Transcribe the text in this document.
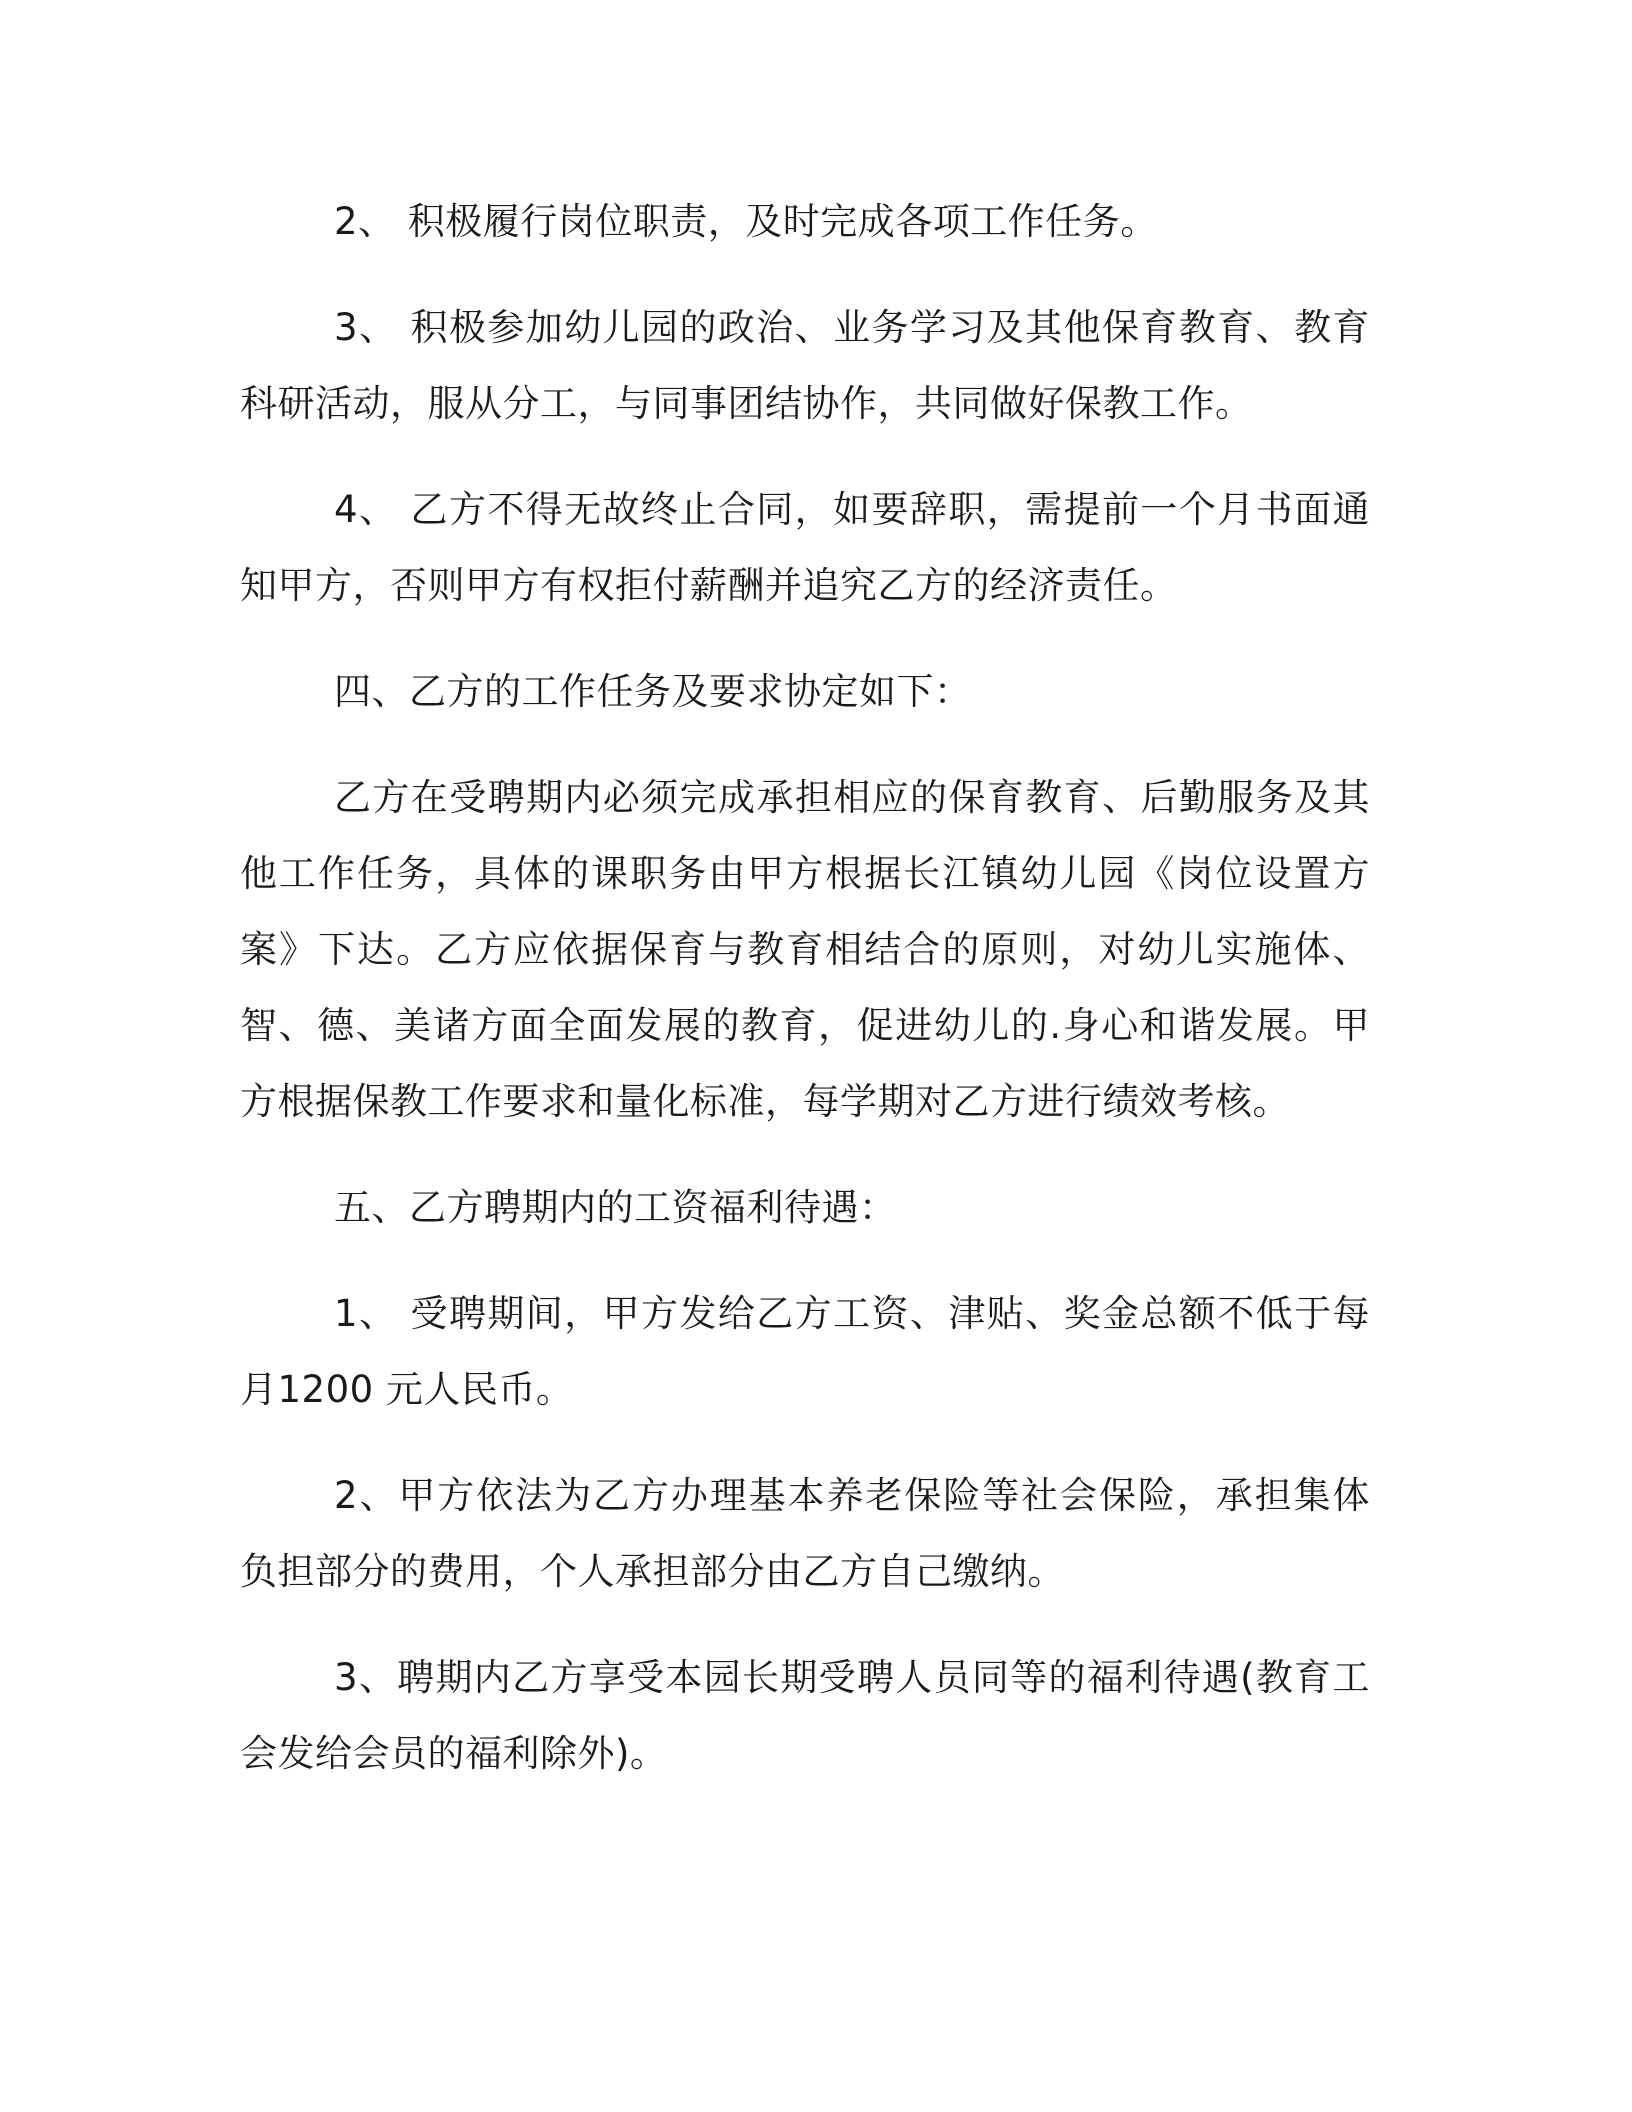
2、 积极履行岗位职责，及时完成各项工作任务。

3、 积极参加幼儿园的政治、业务学习及其他保育教育、教育科研活动，服从分工，与同事团结协作，共同做好保教工作。

4、 乙方不得无故终止合同，如要辞职，需提前一个月书面通知甲方，否则甲方有权拒付薪酬并追究乙方的经济责任。

四、乙方的工作任务及要求协定如下：

乙方在受聘期内必须完成承担相应的保育教育、后勤服务及其他工作任务，具体的课职务由甲方根据长江镇幼儿园《岗位设置方案》下达。乙方应依据保育与教育相结合的原则，对幼儿实施体、智、德、美诸方面全面发展的教育，促进幼儿的.身心和谐发展。甲方根据保教工作要求和量化标准，每学期对乙方进行绩效考核。

五、乙方聘期内的工资福利待遇：

1、 受聘期间，甲方发给乙方工资、津贴、奖金总额不低于每月1200 元人民币。

2、甲方依法为乙方办理基本养老保险等社会保险，承担集体负担部分的费用，个人承担部分由乙方自己缴纳。

3、聘期内乙方享受本园长期受聘人员同等的福利待遇(教育工会发给会员的福利除外)。
